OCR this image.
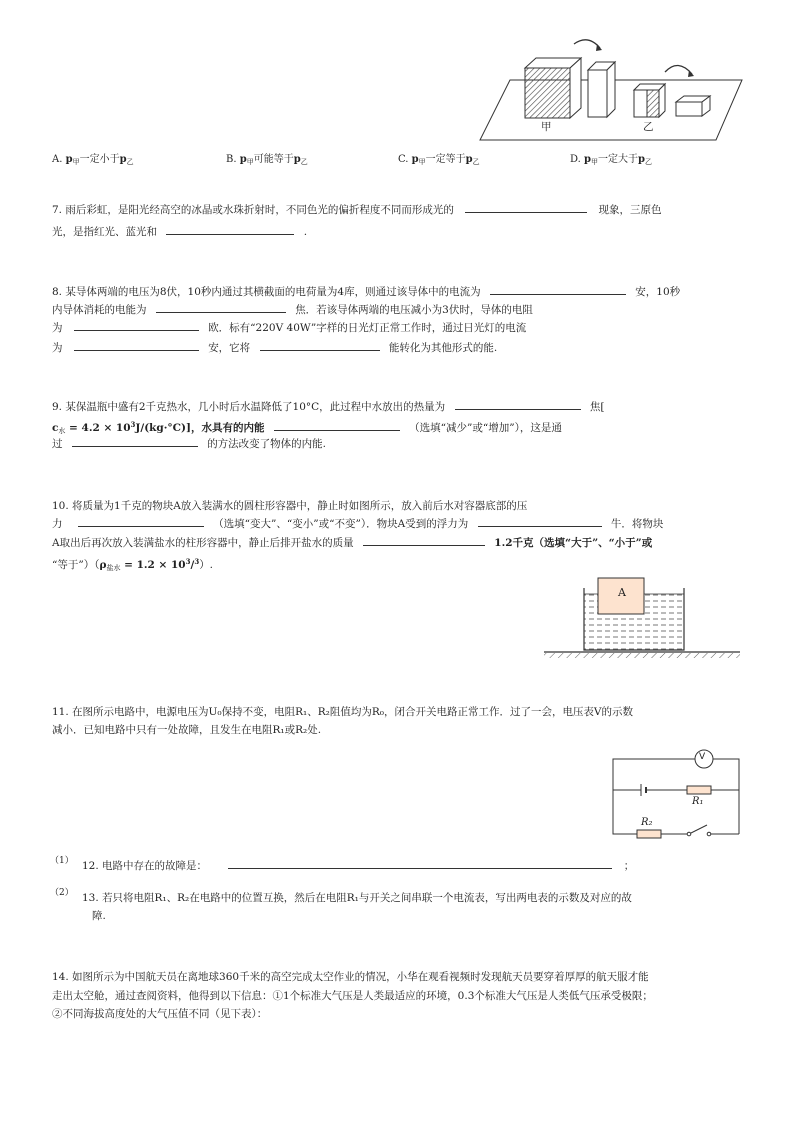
甲	乙
A. $p_甲$一定小于$p_乙$	B. $p_甲$可能等于$p_乙$	C. $p_甲$一定等于$p_乙$	D. $p_甲$一定大于$p_乙$
7. 雨后彩虹，是阳光经高空的冰晶或水珠折射时，不同色光的偏折程度不同而形成光的	现象，三原色
光，是指红光、蓝光和	.
8. 某导体两端的电压为8伏，10秒内通过其横截面的电荷量为4库，则通过该导体中的电流为	安，10秒
内导体消耗的电能为	焦．若该导体两端的电压减小为3伏时，导体的电阻
为	欧．标有“220V 40W”字样的日光灯正常工作时，通过日光灯的电流
为	安，它将	能转化为其他形式的能.
9. 某保温瓶中盛有2千克热水，几小时后水温降低了10°C，此过程中水放出的热量为	焦[
$c_水 = 4.2 \times 10^3J/(kg\cdot^\circ C)$]，水具有的内能	（选填“减少”或“增加”），这是通
过	的方法改变了物体的内能.
10. 将质量为1千克的物块A放入装满水的圆柱形容器中，静止时如图所示，放入前后水对容器底部的压
力	（选填“变大”、“变小”或“不变”）．物块A受到的浮力为	牛．将物块
A取出后再次放入装满盐水的柱形容器中，静止后排开盐水的质量	1.2千克（选填“大于”、“小于”或
“等于$”)(\rho_{盐水} = 1.2 \times 10^3/^3)$.
A
11. 在图所示电路中，电源电压为U₀保持不变，电阻R₁、R₂阻值均为R₀，闭合开关电路正常工作．过了一会，电压表V的示数
减小．已知电路中只有一处故障，且发生在电阻R₁或R₂处.
V
R₁
R₂
（1） 12. 电路中存在的故障是：	；
（2） 13. 若只将电阻R₁、R₂在电路中的位置互换，然后在电阻R₁与开关之间串联一个电流表，写出两电表的示数及对应的故
障.
14. 如图所示为中国航天员在离地球360千米的高空完成太空作业的情况，小华在观看视频时发现航天员要穿着厚厚的航天服才能
走出太空舱，通过查阅资料，他得到以下信息：①1个标准大气压是人类最适应的环境，0.3个标准大气压是人类低气压承受极限；
②不同海拔高度处的大气压值不同（见下表）：
